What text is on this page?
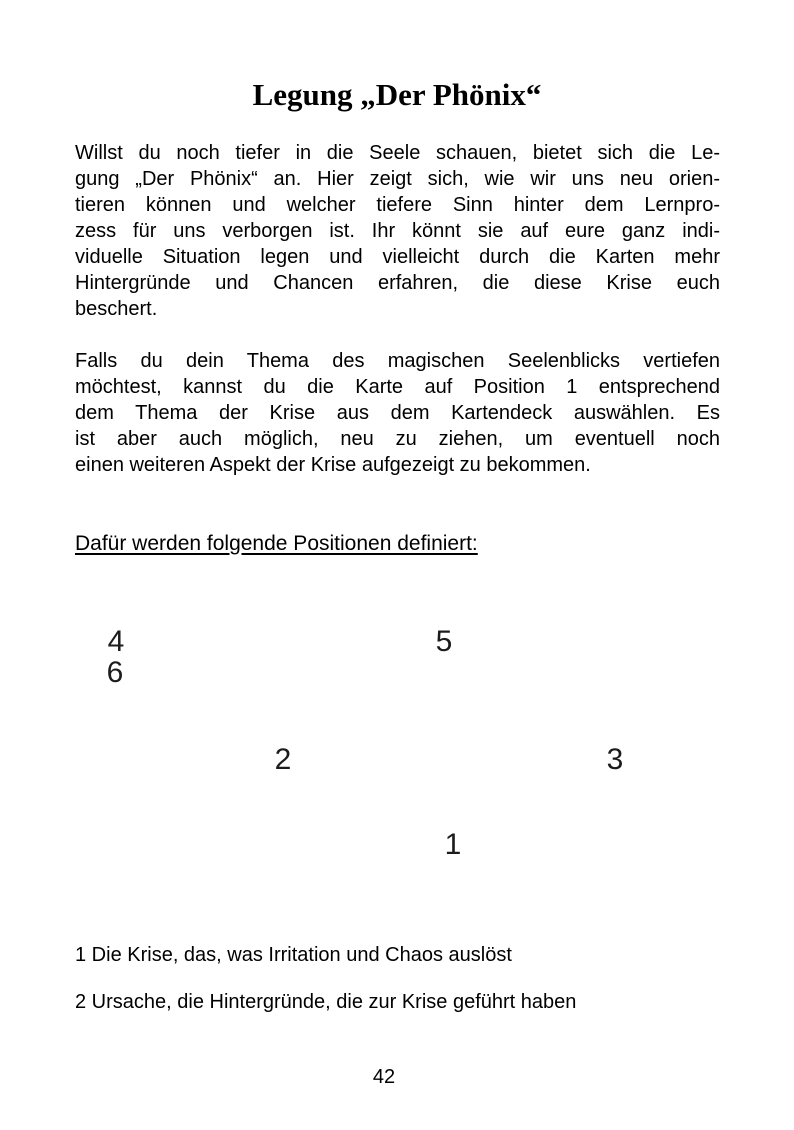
Legung „Der Phönix“
Willst du noch tiefer in die Seele schauen, bietet sich die Le-
gung „Der Phönix“ an. Hier zeigt sich, wie wir uns neu orien-
tieren können und welcher tiefere Sinn hinter dem Lernpro-
zess für uns verborgen ist. Ihr könnt sie auf eure ganz indi-
viduelle Situation legen und vielleicht durch die Karten mehr
Hintergründe und Chancen erfahren, die diese Krise euch
beschert.
Falls du dein Thema des magischen Seelenblicks vertiefen
möchtest, kannst du die Karte auf Position 1 entsprechend
dem Thema der Krise aus dem Kartendeck auswählen. Es
ist aber auch möglich, neu zu ziehen, um eventuell noch
einen weiteren Aspekt der Krise aufgezeigt zu bekommen.
Dafür werden folgende Positionen definiert:
4
6
5
2	3
1
1 Die Krise, das, was Irritation und Chaos auslöst
2 Ursache, die Hintergründe, die zur Krise geführt haben
42
